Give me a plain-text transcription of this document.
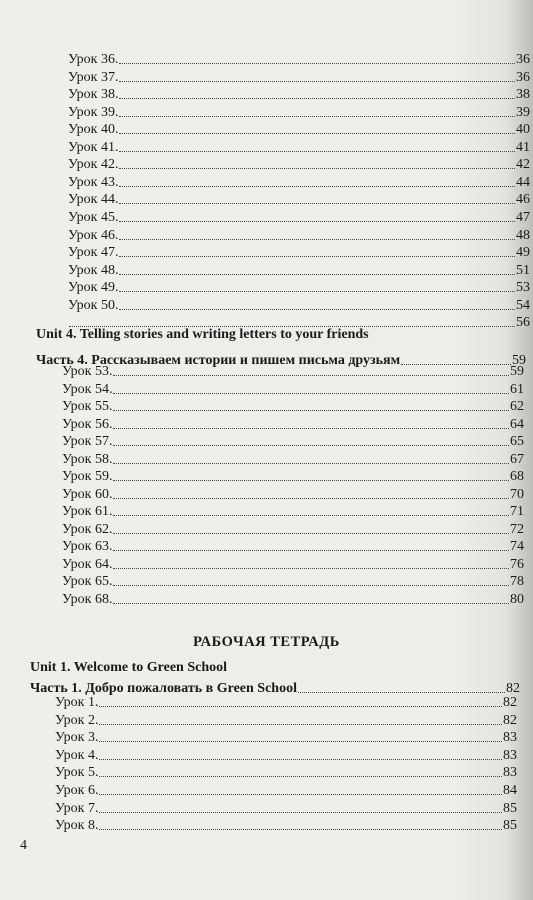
Урок 36.	36
Урок 37.	36
Урок 38.	38
Урок 39.	39
Урок 40.	40
Урок 41.	41
Урок 42.	42
Урок 43.	44
Урок 44.	46
Урок 45.	47
Урок 46.	48
Урок 47.	49
Урок 48.	51
Урок 49.	53
Урок 50.	54
56
Unit 4. Telling stories and writing letters to your friends
Часть 4. Рассказываем истории и пишем письма друзьям	59
Урок 53.	59
Урок 54.	61
Урок 55.	62
Урок 56.	64
Урок 57.	65
Урок 58.	67
Урок 59.	68
Урок 60.	70
Урок 61.	71
Урок 62.	72
Урок 63.	74
Урок 64.	76
Урок 65.	78
Урок 68.	80
РАБОЧАЯ ТЕТРАДЬ
Unit 1. Welcome to Green School
Часть 1. Добро пожаловать в Green School	82
Урок 1.	82
Урок 2.	82
Урок 3.	83
Урок 4.	83
Урок 5.	83
Урок 6.	84
Урок 7.	85
Урок 8.	85
4
